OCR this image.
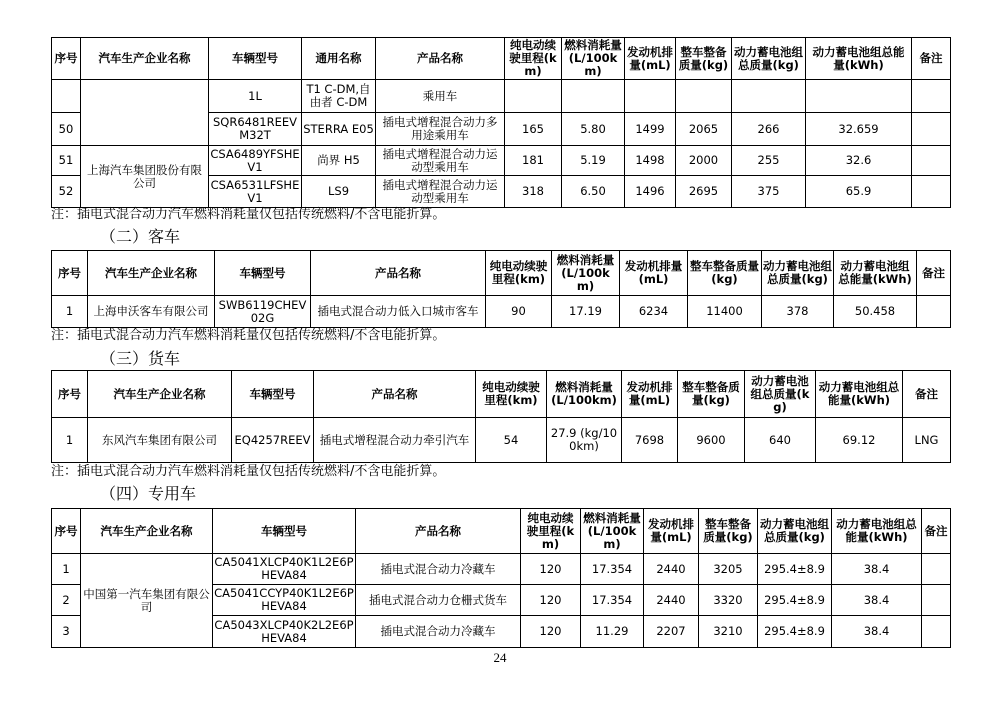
序号	汽车生产企业名称	车辆型号	通用名称	产品名称	纯电动续驶里程(km)	燃料消耗量(L/100km)	发动机排量(mL)	整车整备质量(kg)	动力蓄电池组总质量(kg)	动力蓄电池组总能量(kWh)	备注
		1L	T1 C-DM,自由者 C-DM	乘用车							
50		SQR6481REEVM32T	STERRA E05	插电式增程混合动力多用途乘用车	165	5.80	1499	2065	266	32.659	
51	上海汽车集团股份有限公司	CSA6489YFSHEV1	尚界 H5	插电式增程混合动力运动型乘用车	181	5.19	1498	2000	255	32.6	
52		CSA6531LFSHEV1	LS9	插电式增程混合动力运动型乘用车	318	6.50	1496	2695	375	65.9	
注：插电式混合动力汽车燃料消耗量仅包括传统燃料/不含电能折算。
（二）客车
序号	汽车生产企业名称	车辆型号	产品名称	纯电动续驶里程(km)	燃料消耗量(L/100km)	发动机排量(mL)	整车整备质量(kg)	动力蓄电池组总质量(kg)	动力蓄电池组总能量(kWh)	备注
1	上海申沃客车有限公司	SWB6119CHEV02G	插电式混合动力低入口城市客车	90	17.19	6234	11400	378	50.458	
注：插电式混合动力汽车燃料消耗量仅包括传统燃料/不含电能折算。
（三）货车
序号	汽车生产企业名称	车辆型号	产品名称	纯电动续驶里程(km)	燃料消耗量(L/100km)	发动机排量(mL)	整车整备质量(kg)	动力蓄电池组总质量(kg)	动力蓄电池组总能量(kWh)	备注
1	东风汽车集团有限公司	EQ4257REEV	插电式增程混合动力牵引汽车	54	27.9 (kg/100km)	7698	9600	640	69.12	LNG
注：插电式混合动力汽车燃料消耗量仅包括传统燃料/不含电能折算。
（四）专用车
序号	汽车生产企业名称	车辆型号	产品名称	纯电动续驶里程(km)	燃料消耗量(L/100km)	发动机排量(mL)	整车整备质量(kg)	动力蓄电池组总质量(kg)	动力蓄电池组总能量(kWh)	备注
1	中国第一汽车集团有限公司	CA5041XLCP40K1L2E6PHEVA84	插电式混合动力冷藏车	120	17.354	2440	3205	295.4±8.9	38.4	
2		CA5041CCYP40K1L2E6PHEVA84	插电式混合动力仓栅式货车	120	17.354	2440	3320	295.4±8.9	38.4	
3		CA5043XLCP40K2L2E6PHEVA84	插电式混合动力冷藏车	120	11.29	2207	3210	295.4±8.9	38.4	
24
